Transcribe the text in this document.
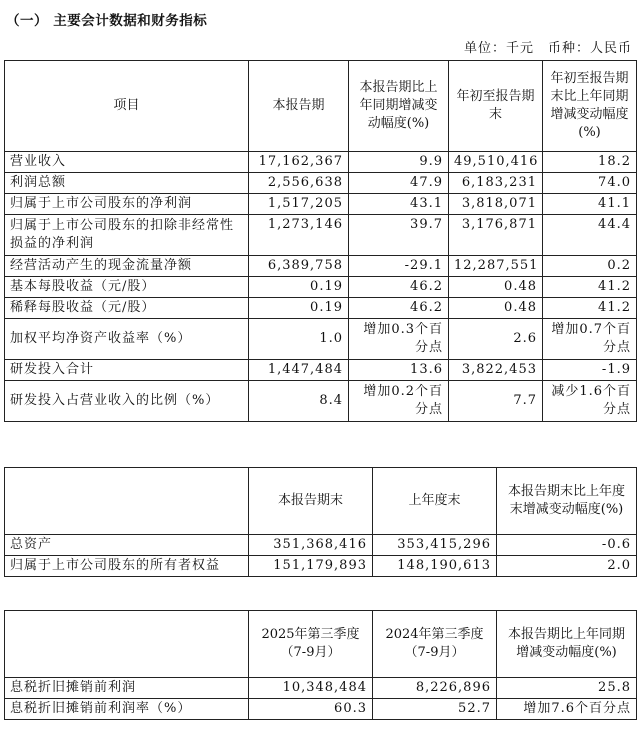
（一） 主要会计数据和财务指标
单位：千元 币种：人民币
项目	本报告期	本报告期比上年同期增减变动幅度(%)	年初至报告期末	年初至报告期末比上年同期增减变动幅度(%)
营业收入	17,162,367	9.9	49,510,416	18.2
利润总额	2,556,638	47.9	6,183,231	74.0
归属于上市公司股东的净利润	1,517,205	43.1	3,818,071	41.1
归属于上市公司股东的扣除非经常性损益的净利润	1,273,146	39.7	3,176,871	44.4
经营活动产生的现金流量净额	6,389,758	-29.1	12,287,551	0.2
基本每股收益（元/股）	0.19	46.2	0.48	41.2
稀释每股收益（元/股）	0.19	46.2	0.48	41.2
加权平均净资产收益率（%）	1.0	增加0.3个百分点	2.6	增加0.7个百分点
研发投入合计	1,447,484	13.6	3,822,453	-1.9
研发投入占营业收入的比例（%）	8.4	增加0.2个百分点	7.7	减少1.6个百分点
	本报告期末	上年度末	本报告期末比上年度末增减变动幅度(%)
总资产	351,368,416	353,415,296	-0.6
归属于上市公司股东的所有者权益	151,179,893	148,190,613	2.0
	2025年第三季度（7-9月）	2024年第三季度（7-9月）	本报告期比上年同期增减变动幅度(%)
息税折旧摊销前利润	10,348,484	8,226,896	25.8
息税折旧摊销前利润率（%）	60.3	52.7	增加7.6个百分点
